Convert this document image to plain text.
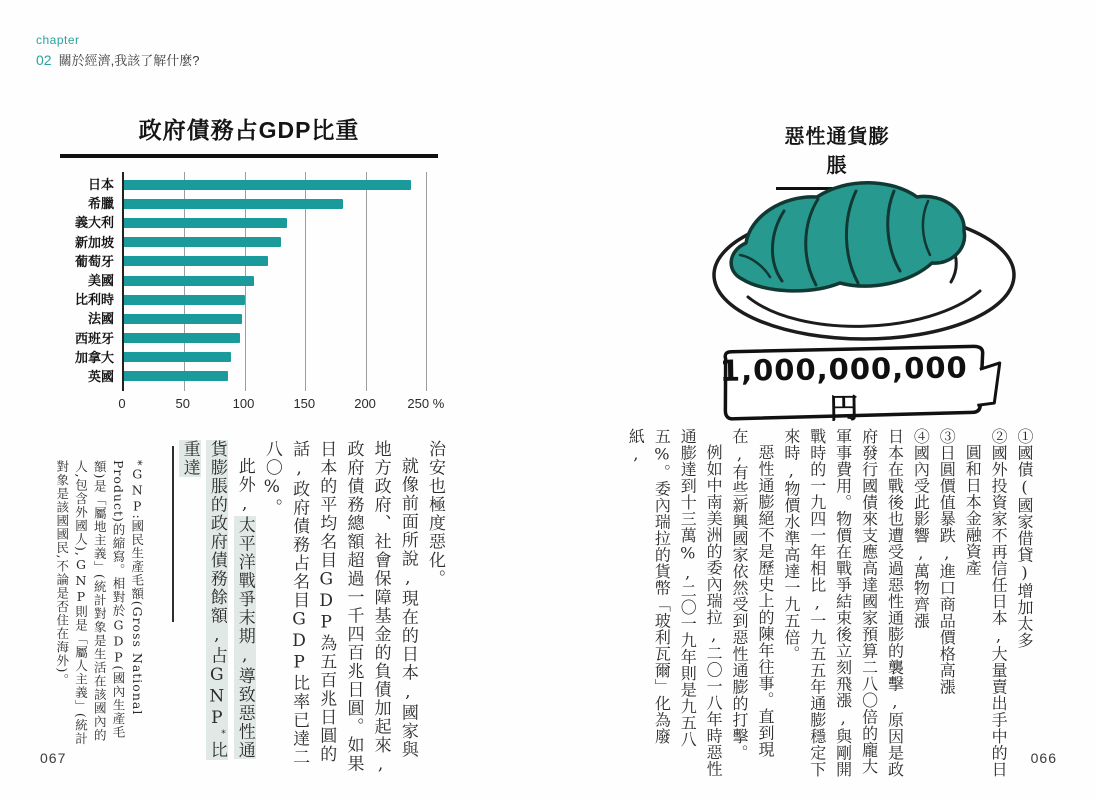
chapter
02 關於經濟,我該了解什麼?
政府債務占GDP比重
日本
希臘
義大利
新加坡
葡萄牙
美國
比利時
法國
西班牙
加拿大
英國
0	50	100	150	200 250 %

治安也極度惡化。

就像前面所說,現在的日本,國家與地方政府、社會保障基金的負債加起來,政府債務總額超過一千四百兆日圓。如果日本的平均名目GDP為五百兆日圓的話,政府債務占名目GDP比率已達二八〇%。

此外,太平洋戰爭末期,導致惡性通貨膨脹的政府債務餘額,占GNP*比重達

*GNP:國民生產毛額(Gross National Product)的縮寫。相對於GDP(國內生產毛額)是「屬地主義」(統計對象是生活在該國內的人,包含外國人),GNP則是「屬人主義」(統計對象是該國國民,不論是否住在海外)。

067
惡性通貨膨脹
1,000,000,000円
①國債(國家借貸)增加太多
②國外投資家不再信任日本,大量賣出手中的日圓和日本金融資產
③日圓價值暴跌,進口商品價格高漲
④國內受此影響,萬物齊漲

日本在戰後也遭受過惡性通膨的襲擊,原因是政府發行國債來支應高達國家預算二八〇倍的龐大軍事費用。物價在戰爭結束後立刻飛漲,與剛開戰時的一九四一年相比,一九五五年通膨穩定下來時,物價水準高達一九五倍。

惡性通膨絕不是歷史上的陳年往事。直到現在,有些新興國家依然受到惡性通膨的打擊。

例如中南美洲的委內瑞拉,二〇一八年時惡性通膨達到十三萬%,二〇一九年則是九五八五%。委內瑞拉的貨幣「玻利瓦爾」化為廢紙,

066
